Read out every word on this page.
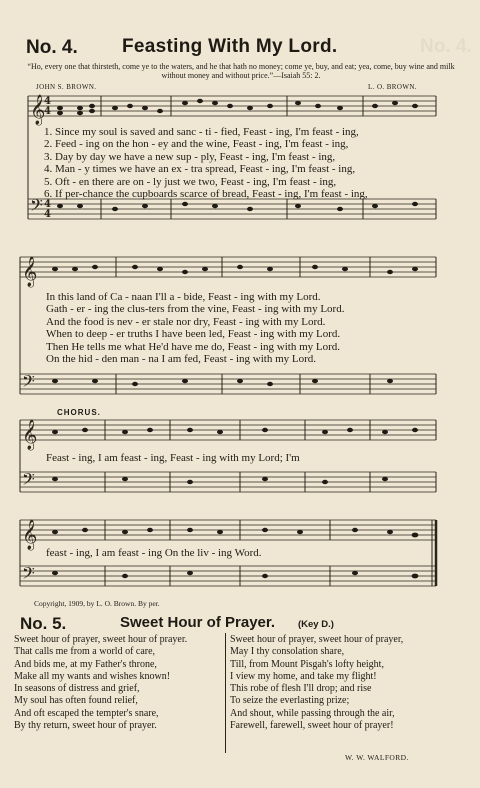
𝄞
4
4
𝄢 4
4
𝄞
𝄢
𝄞
𝄢
𝄞
𝄢
No. 4. Feasting With My Lord.	No. 4.
“Ho, every one that thirsteth, come ye to the waters, and he that hath no money; come ye, buy, and eat; yea, come, buy wine and milk without money and without price.”—Isaiah 55: 2.
JOHN S. BROWN.	L. O. BROWN.
1. Since my soul is saved and sanc - ti - fied, Feast - ing, I'm feast - ing,
2. Feed - ing on the hon - ey and the wine, Feast - ing, I'm feast - ing,
3. Day by day we have a new sup - ply, Feast - ing, I'm feast - ing,
4. Man - y times we have an ex - tra spread, Feast - ing, I'm feast - ing,
5. Oft - en there are on - ly just we two, Feast - ing, I'm feast - ing,
6. If per-chance the cupboards scarce of bread, Feast - ing, I'm feast - ing,
In this land of Ca - naan I'll a - bide, Feast - ing with my Lord.
Gath - er - ing the clus-ters from the vine, Feast - ing with my Lord.
And the food is nev - er stale nor dry, Feast - ing with my Lord.
When to deep - er truths I have been led, Feast - ing with my Lord.
Then He tells me what He'd have me do, Feast - ing with my Lord.
On the hid - den man - na I am fed, Feast - ing with my Lord.
CHORUS.
Feast - ing, I am feast - ing, Feast - ing with my Lord; I'm
feast - ing, I am feast - ing On the liv - ing Word.
Copyright, 1909, by L. O. Brown. By per.
No. 5.	Sweet Hour of Prayer. (Key D.)
Sweet hour of prayer, sweet hour of prayer.
That calls me from a world of care,
And bids me, at my Father's throne,
Make all my wants and wishes known!
In seasons of distress and grief,
My soul has often found relief,
And oft escaped the tempter's snare,
By thy return, sweet hour of prayer.
Sweet hour of prayer, sweet hour of prayer,
May I thy consolation share,
Till, from Mount Pisgah's lofty height,
I view my home, and take my flight!
This robe of flesh I'll drop; and rise
To seize the everlasting prize;
And shout, while passing through the air,
Farewell, farewell, sweet hour of prayer!
W. W. WALFORD.
